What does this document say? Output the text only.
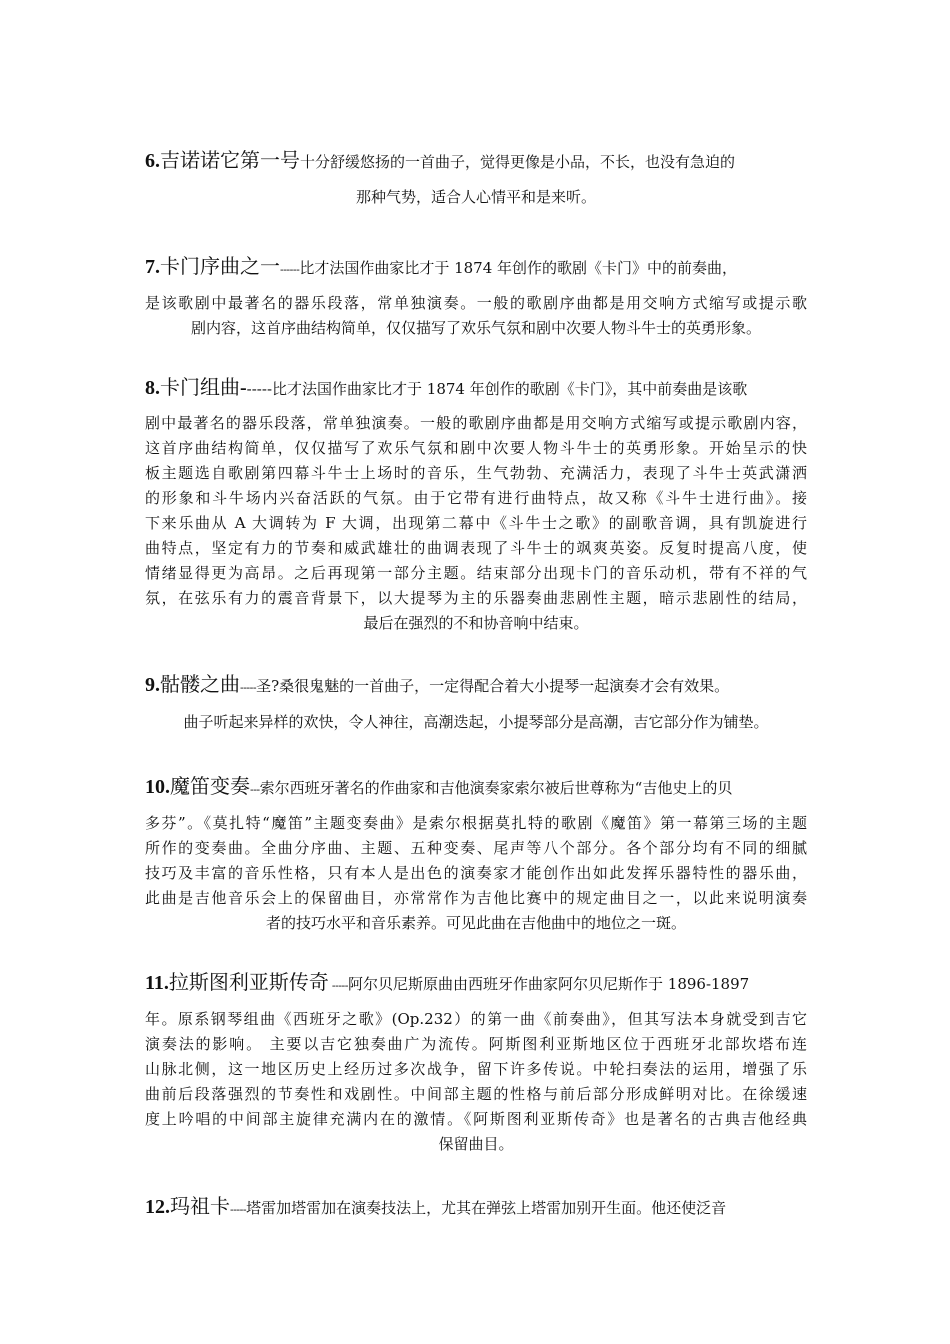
6.吉诺诺它第一号十分舒缓悠扬的一首曲子，觉得更像是小品，不长，也没有急迫的
那种气势，适合人心情平和是来听。
7.卡门序曲之一------比才法国作曲家比才于 1874 年创作的歌剧《卡门》中的前奏曲，
是该歌剧中最著名的器乐段落，常单独演奏。一般的歌剧序曲都是用交响方式缩写或提示歌
剧内容，这首序曲结构简单，仅仅描写了欢乐气氛和剧中次要人物斗牛士的英勇形象。
8.卡门组曲------比才法国作曲家比才于 1874 年创作的歌剧《卡门》，其中前奏曲是该歌
剧中最著名的器乐段落，常单独演奏。一般的歌剧序曲都是用交响方式缩写或提示歌剧内容，
这首序曲结构简单，仅仅描写了欢乐气氛和剧中次要人物斗牛士的英勇形象。开始呈示的快
板主题选自歌剧第四幕斗牛士上场时的音乐，生气勃勃、充满活力，表现了斗牛士英武潇洒
的形象和斗牛场内兴奋活跃的气氛。由于它带有进行曲特点，故又称《斗牛士进行曲》。接
下来乐曲从 A 大调转为 F 大调，出现第二幕中《斗牛士之歌》的副歌音调，具有凯旋进行
曲特点，坚定有力的节奏和威武雄壮的曲调表现了斗牛士的飒爽英姿。反复时提高八度，使
情绪显得更为高昂。之后再现第一部分主题。结束部分出现卡门的音乐动机，带有不祥的气
氛，在弦乐有力的震音背景下，以大提琴为主的乐器奏曲悲剧性主题，暗示悲剧性的结局，
最后在强烈的不和协音响中结束。
9.骷髅之曲-----圣?桑很鬼魅的一首曲子，一定得配合着大小提琴一起演奏才会有效果。
曲子听起来异样的欢快，令人神往，高潮迭起，小提琴部分是高潮，吉它部分作为铺垫。
10.魔笛变奏---索尔西班牙著名的作曲家和吉他演奏家索尔被后世尊称为“吉他史上的贝
多芬”。《莫扎特“魔笛”主题变奏曲》是索尔根据莫扎特的歌剧《魔笛》第一幕第三场的主题
所作的变奏曲。全曲分序曲、主题、五种变奏、尾声等八个部分。各个部分均有不同的细腻
技巧及丰富的音乐性格，只有本人是出色的演奏家才能创作出如此发挥乐器特性的器乐曲，
此曲是吉他音乐会上的保留曲目，亦常常作为吉他比赛中的规定曲目之一，以此来说明演奏
者的技巧水平和音乐素养。可见此曲在吉他曲中的地位之一斑。
11.拉斯图利亚斯传奇 -----阿尔贝尼斯原曲由西班牙作曲家阿尔贝尼斯作于 1896-1897
年。原系钢琴组曲《西班牙之歌》(Op.232）的第一曲《前奏曲》，但其写法本身就受到吉它
演奏法的影响。 主要以吉它独奏曲广为流传。阿斯图利亚斯地区位于西班牙北部坎塔布连
山脉北侧，这一地区历史上经历过多次战争，留下许多传说。中轮扫奏法的运用，增强了乐
曲前后段落强烈的节奏性和戏剧性。中间部主题的性格与前后部分形成鲜明对比。在徐缓速
度上吟唱的中间部主旋律充满内在的激情。《阿斯图利亚斯传奇》也是著名的古典吉他经典
保留曲目。
12.玛祖卡-----塔雷加塔雷加在演奏技法上，尤其在弹弦上塔雷加别开生面。他还使泛音
